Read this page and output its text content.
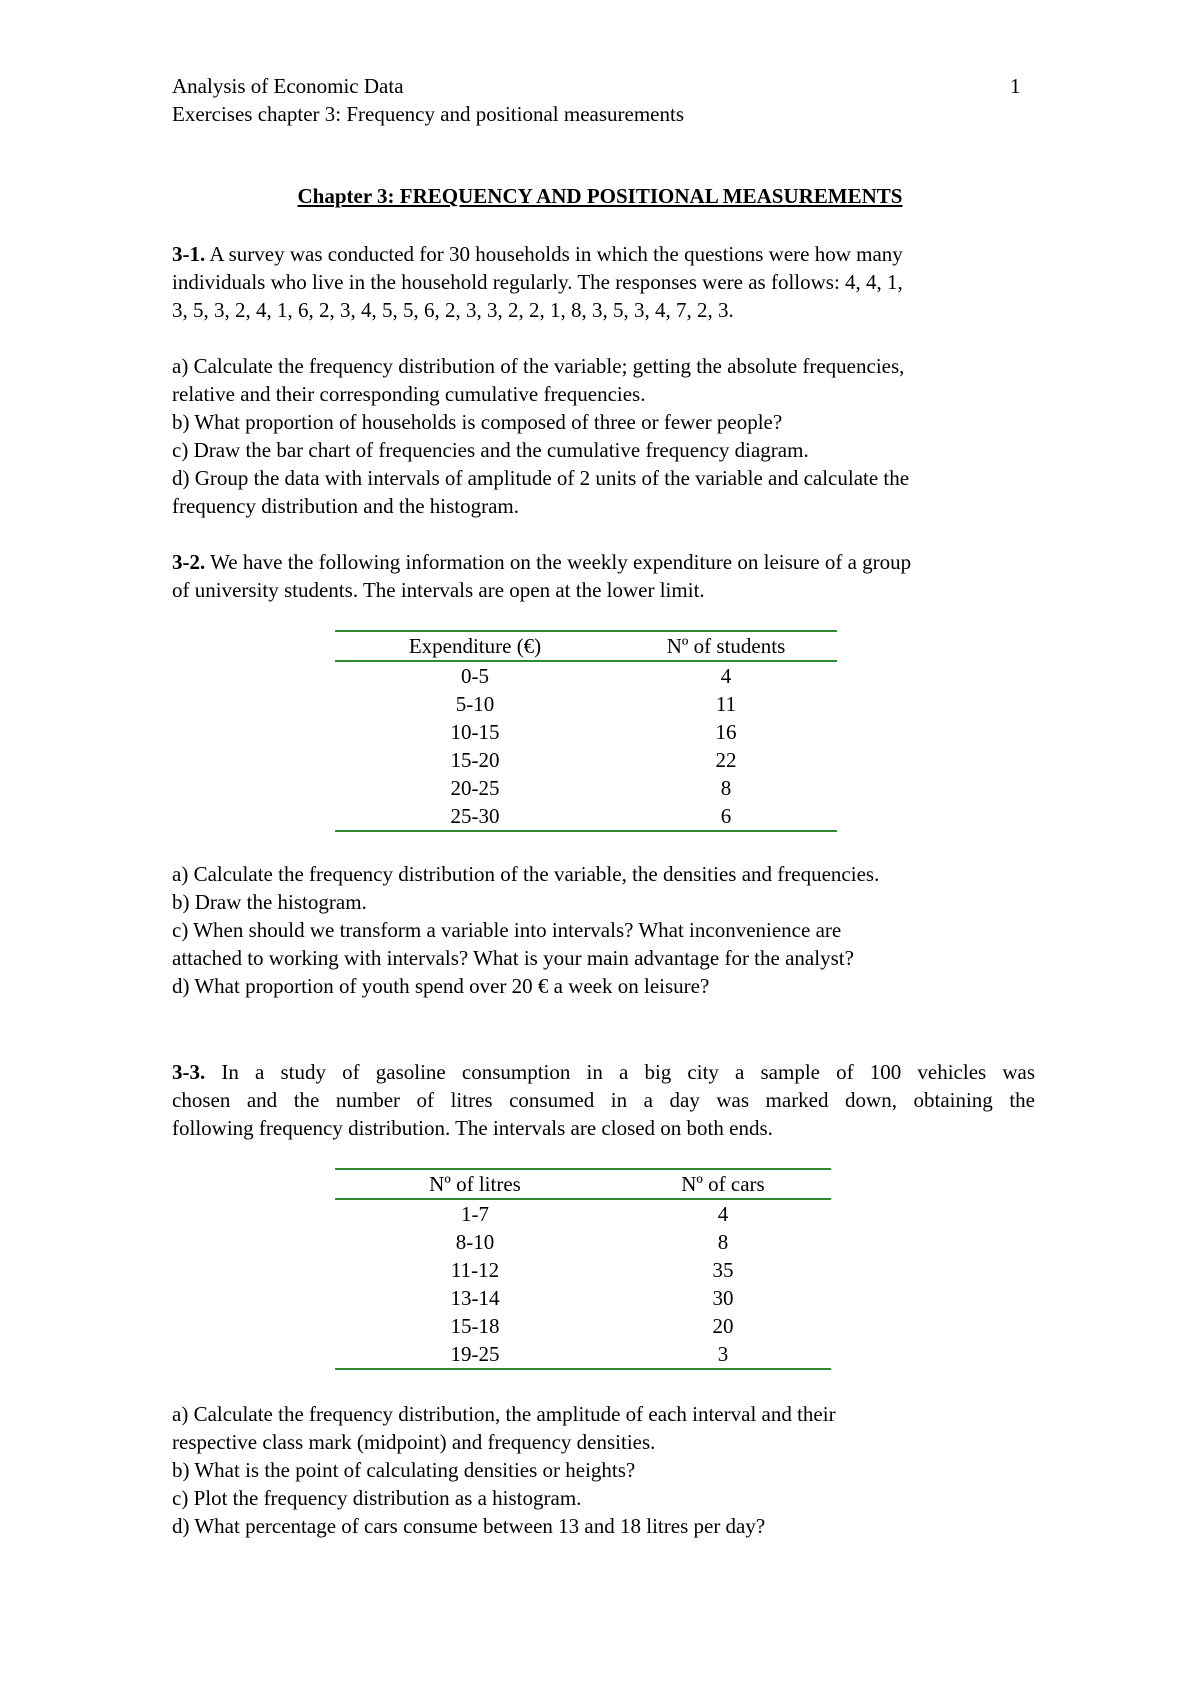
Analysis of Economic Data	1
Exercises chapter 3: Frequency and positional measurements
Chapter 3: FREQUENCY AND POSITIONAL MEASUREMENTS
3-1. A survey was conducted for 30 households in which the questions were how many
individuals who live in the household regularly. The responses were as follows: 4, 4, 1,
3, 5, 3, 2, 4, 1, 6, 2, 3, 4, 5, 5, 6, 2, 3, 3, 2, 2, 1, 8, 3, 5, 3, 4, 7, 2, 3.
a) Calculate the frequency distribution of the variable; getting the absolute frequencies,
relative and their corresponding cumulative frequencies.
b) What proportion of households is composed of three or fewer people?
c) Draw the bar chart of frequencies and the cumulative frequency diagram.
d) Group the data with intervals of amplitude of 2 units of the variable and calculate the
frequency distribution and the histogram.
3-2. We have the following information on the weekly expenditure on leisure of a group
of university students. The intervals are open at the lower limit.
Expenditure (€)	Nº of students
0-5	4
5-10	11
10-15	16
15-20	22
20-25	8
25-30	6
a) Calculate the frequency distribution of the variable, the densities and frequencies.
b) Draw the histogram.
c) When should we transform a variable into intervals? What inconvenience are
attached to working with intervals? What is your main advantage for the analyst?
d) What proportion of youth spend over 20 € a week on leisure?
3-3. In a study of gasoline consumption in a big city a sample of 100 vehicles was
chosen and the number of litres consumed in a day was marked down, obtaining the
following frequency distribution. The intervals are closed on both ends.
Nº of litres	Nº of cars
1-7	4
8-10	8
11-12	35
13-14	30
15-18	20
19-25	3
a) Calculate the frequency distribution, the amplitude of each interval and their
respective class mark (midpoint) and frequency densities.
b) What is the point of calculating densities or heights?
c) Plot the frequency distribution as a histogram.
d) What percentage of cars consume between 13 and 18 litres per day?
